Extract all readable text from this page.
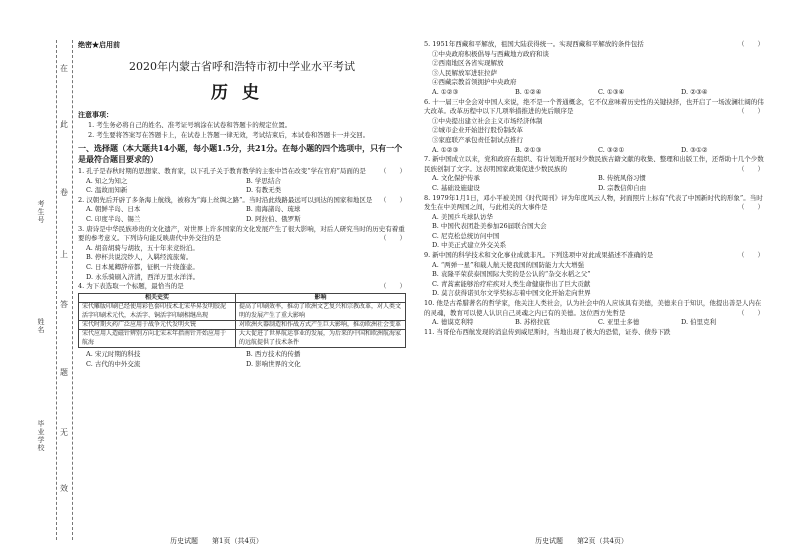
在
此
卷
上
答
题
无
效
考生号
姓名
毕业学校
绝密★启用前
2020年内蒙古省呼和浩特市初中学业水平考试
历史
注意事项：
1. 考生务必将自己的姓名、准考证号填涂在试卷和答题卡的规定位置。
2. 考生要将答案写在答题卡上，在试卷上答题一律无效，考试结束后，本试卷和答题卡一并交回。
一、选择题（本大题共14小题，每小题1.5分，共21分。在每小题的四个选项中，只有一个是最符合题目要求的）
1. 孔子是春秋时期的思想家、教育家，以下孔子关于教育教学的主张中旨在改变“学在官府”局面的是 （　　）
A. 知之为知之	B. 学思结合
C. 温故而知新	D. 有教无类
2. 汉朝先后开辟了多条海上航线，被称为“海上丝绸之路”。当时沿此线路最远可以到达的国家和地区是 （　　）
A. 朝鲜半岛、日本	B. 南海諸岛、琉球
C. 印度半岛、锡兰	D. 阿拉伯、俄罗斯
3. 唐诗是中华民族珍贵的文化遗产，对世界上许多国家的文化发展产生了很大影响，对后人研究当时的历史有着重要的参考意义。下列诗句能反映唐代中外交往的是	（　　）
A. 胡音胡骑与胡妆，五十年来竞纷泊。
B. 停杯共说浣纱人，入羁经流旅菊。
C. 日本晁卿辞帝都，征帆一片绕蓬壶。
D. 永乐骑刷入济清，西洋万里水洋洋。
4. 为下表选取一个标题，最恰当的是	（　　）
相关史实	影响
宋代雕版印刷已经使用彩色套印技术北宋毕昇发明胶泥活字印刷术元代，木活字、铜活字印刷相继出现	提高了印刷效率，推动了欧洲文艺复兴和宗教改革，对人类文明的发展产生了重大影响
宋代时期火药广泛应用于战争元代发明火铳	对欧洲火器制造和作战方式产生巨大影响，推动欧洲社会变革
宋代应用人造磁针辨别方向北宋末年指南针开始应用于航海	大大促进了世界航运事业的发展，为后来的中国和欧洲航海家的远航提供了技术条件
A. 宋元时期的科技	B. 西方技术的传播
C. 古代的中外交流	D. 影响世界的文化
5. 1951年西藏和平解放，祖国大陆获得统一。实现西藏和平解放的条件包括	（　　）
①中央政府积极倡导与西藏地方政府和谈
②西南地区各省实现解放
③人民解放军进驻拉萨
④西藏宗教首领拥护中央政府
A. ①②③	B. ①②④	C. ①③④	D. ②③④
6. 十一届三中全会对中国人来说，绝不是一个普通概念，它不仅意味着历史性的关键抉择，也开启了一场波澜壮阔的伟大改革。改革历程中以下几项举措推进的先后顺序是	（　　）
①中央提出建立社会主义市场经济体制
②城市企业开始进行股份制改革
③家庭联产承包责任制试点推行
A. ①②③	B. ②①③	C. ③②①	D. ③①②
7. 新中国成立以来，党和政府在组织、有计划地开展对少数民族古籍文献的收集、整理和出版工作，还帮助十几个少数民族创制了文字。这表明国家政策促进少数民族的	（　　）
A. 文化保护传承	B. 传统风俗习惯
C. 基础设施建设	D. 宗教信仰自由
8. 1979年1月1日，邓小平被美国《时代周刊》评为年度风云人物，封面照片上标有“代表了中国新时代的形象”。当时发生在中美两国之间，与此相关的大事件是	（　　）
A. 美国乒乓球队访华
B. 中国代表团赴美参加26届联合国大会
C. 尼克松总统访问中国
D. 中美正式建立外交关系
9. 新中国的科学技术和文化事业成就非凡。下列选项中对此成果描述不准确的是	（　　）
A. “两弹一星”和载人航天使我国的国防能力大大增强
B. 袁隆平荣获泰国国际大奖的是公认的“杂交水稻之父”
C. 青蒿素能够治疗疟疾对人类生命健康作出了巨大贡献
D. 莫言获得诺贝尔文学奖标志着中国文化开始走向世界
10. 他是古希腊著名的哲学家，他关注人类社会，认为社会中的人应该具有美德，美德来自于知识，他提出善是人内在的灵魂，教育可以使人认识自己灵魂之内已有的美德。这位西方先哲是	（　　）
A. 德谟克利特	B. 苏格拉底	C. 亚里士多德	D. 伯里克利
11. 当哥伦布西航发现的消息传到威尼斯时，当地出现了极大的恐慌，证券、债券下跌
历史试题　　第1页（共4页）	历史试题　　第2页（共4页）
